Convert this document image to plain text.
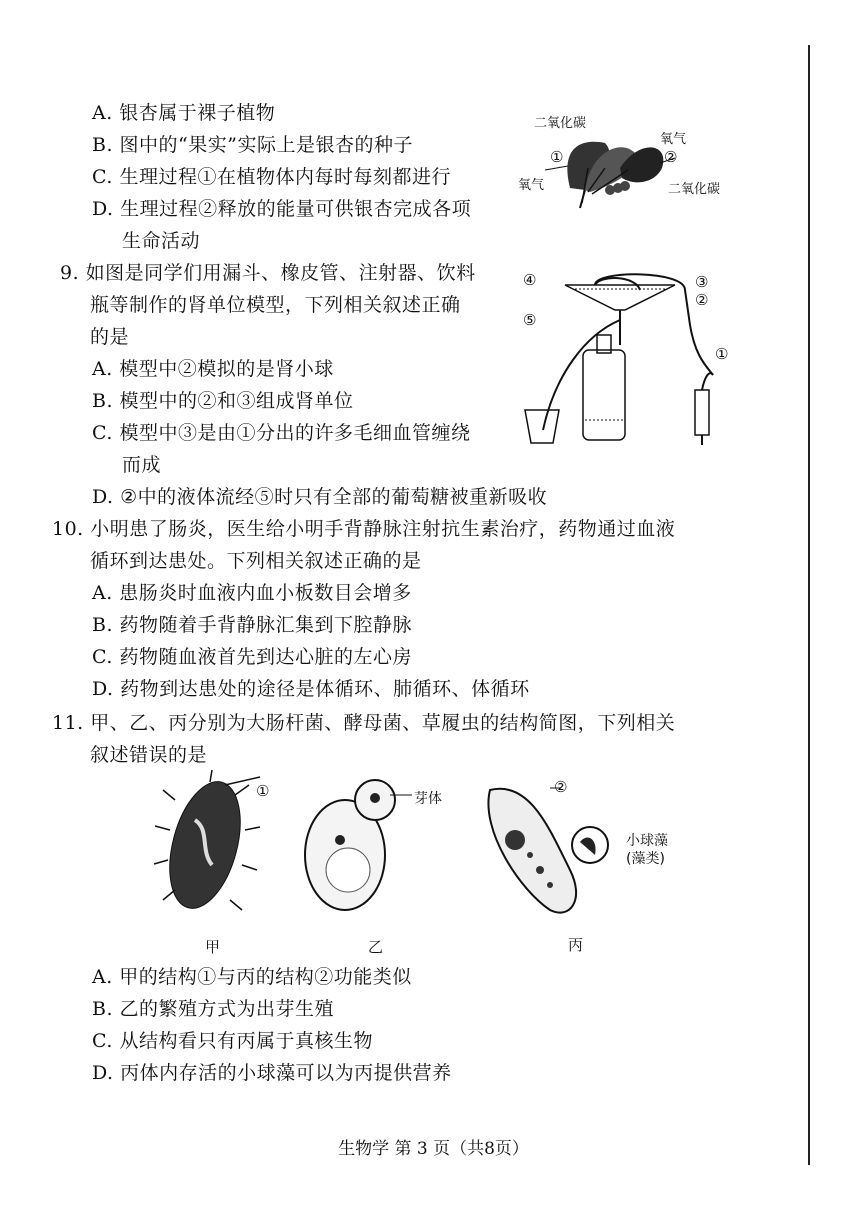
A. 银杏属于裸子植物
B. 图中的“果实”实际上是银杏的种子
C. 生理过程①在植物体内每时每刻都进行
D. 生理过程②释放的能量可供银杏完成各项
生命活动
9. 如图是同学们用漏斗、橡皮管、注射器、饮料
瓶等制作的肾单位模型，下列相关叙述正确
的是
A. 模型中②模拟的是肾小球
B. 模型中的②和③组成肾单位
C. 模型中③是由①分出的许多毛细血管缠绕
而成
D. ②中的液体流经⑤时只有全部的葡萄糖被重新吸收
10. 小明患了肠炎，医生给小明手背静脉注射抗生素治疗，药物通过血液
循环到达患处。下列相关叙述正确的是
A. 患肠炎时血液内血小板数目会增多
B. 药物随着手背静脉汇集到下腔静脉
C. 药物随血液首先到达心脏的左心房
D. 药物到达患处的途径是体循环、肺循环、体循环
11. 甲、乙、丙分别为大肠杆菌、酵母菌、草履虫的结构简图，下列相关
叙述错误的是
A. 甲的结构①与丙的结构②功能类似
B. 乙的繁殖方式为出芽生殖
C. 从结构看只有丙属于真核生物
D. 丙体内存活的小球藻可以为丙提供营养
二氧化碳
氧气
①	②
氧气	二氧化碳
④	③
②
⑤
①
①	芽体
②
小球藻
(藻类)
甲	乙	丙
生物学 第 3 页（共8页）
